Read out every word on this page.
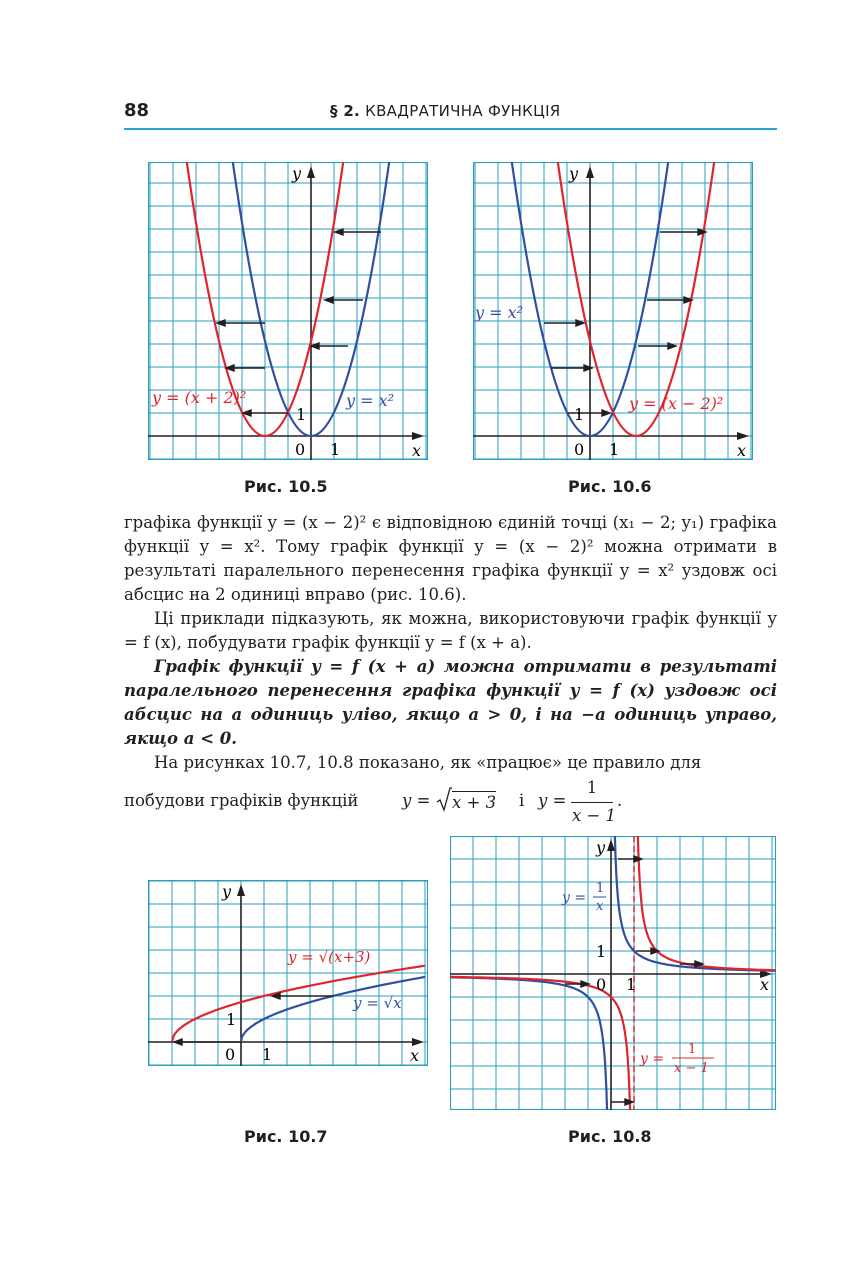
88	§ 2. КВАДРАТИЧНА ФУНКЦІЯ
y
x
0 1
1
y = (x + 2)²	y = x²
Рис. 10.5
y
x
0 1
1
y = x²
y = (x − 2)²
Рис. 10.6

графіка функції y = (x − 2)² є відповідною єдиній точці (x₁ − 2; y₁) графіка функції y = x². Тому графік функції y = (x − 2)² можна отримати в результаті паралельного перенесення графіка функції y = x² уздовж осі абсцис на 2 одиниці вправо (рис. 10.6).

Ці приклади підказують, як можна, використовуючи графік функції y = f (x), побудувати графік функції y = f (x + a).

Графік функції y = f (x + a) можна отримати в результаті паралельного перенесення графіка функції y = f (x) уздовж осі абсцис на a одиниць уліво, якщо a > 0, і на −a одиниць управо, якщо a < 0.

На рисунках 10.7, 10.8 показано, як «працює» це правило для

побудови графіків функцій	y = x + 3 і y =
1
x − 1
.
y
x
0 1
1
y = √(x+3)
y = √x
Рис. 10.7
y
x
0 1
1
y =
1
x
y =
1
x − 1
Рис. 10.8
